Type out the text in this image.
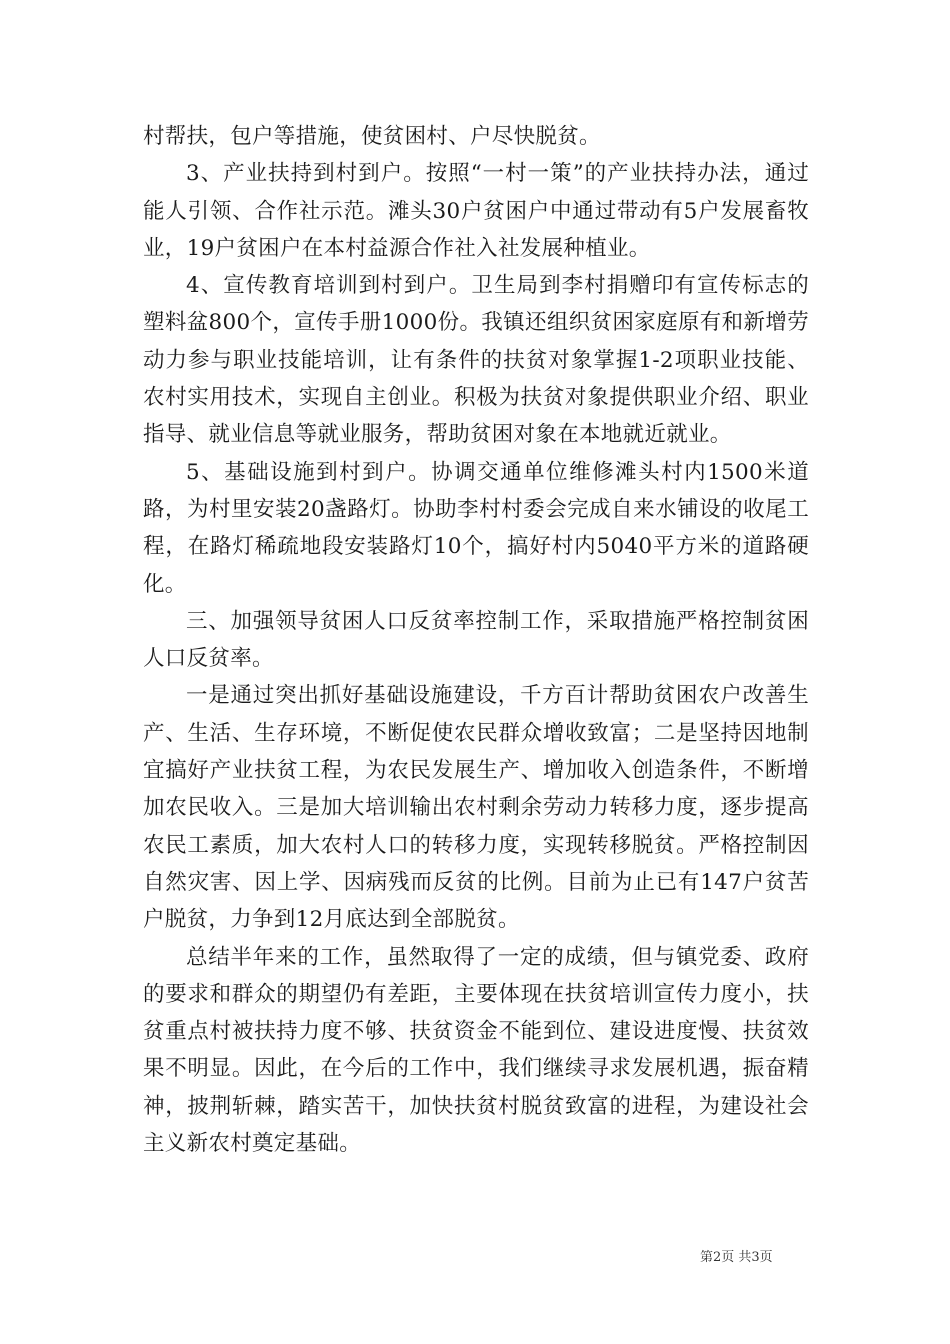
村帮扶，包户等措施，使贫困村、户尽快脱贫。

3、产业扶持到村到户。按照“一村一策”的产业扶持办法，通过能人引领、合作社示范。滩头30户贫困户中通过带动有5户发展畜牧业，19户贫困户在本村益源合作社入社发展种植业。

4、宣传教育培训到村到户。卫生局到李村捐赠印有宣传标志的塑料盆800个，宣传手册1000份。我镇还组织贫困家庭原有和新增劳动力参与职业技能培训，让有条件的扶贫对象掌握1-2项职业技能、农村实用技术，实现自主创业。积极为扶贫对象提供职业介绍、职业指导、就业信息等就业服务，帮助贫困对象在本地就近就业。

5、基础设施到村到户。协调交通单位维修滩头村内1500米道路，为村里安装20盏路灯。协助李村村委会完成自来水铺设的收尾工程，在路灯稀疏地段安装路灯10个，搞好村内5040平方米的道路硬化。

三、加强领导贫困人口反贫率控制工作，采取措施严格控制贫困人口反贫率。

一是通过突出抓好基础设施建设，千方百计帮助贫困农户改善生产、生活、生存环境，不断促使农民群众增收致富；二是坚持因地制宜搞好产业扶贫工程，为农民发展生产、增加收入创造条件，不断增加农民收入。三是加大培训输出农村剩余劳动力转移力度，逐步提高农民工素质，加大农村人口的转移力度，实现转移脱贫。严格控制因自然灾害、因上学、因病残而反贫的比例。目前为止已有147户贫苦户脱贫，力争到12月底达到全部脱贫。

总结半年来的工作，虽然取得了一定的成绩，但与镇党委、政府的要求和群众的期望仍有差距，主要体现在扶贫培训宣传力度小，扶贫重点村被扶持力度不够、扶贫资金不能到位、建设进度慢、扶贫效果不明显。因此，在今后的工作中，我们继续寻求发展机遇，振奋精神，披荆斩棘，踏实苦干，加快扶贫村脱贫致富的进程，为建设社会主义新农村奠定基础。

第2页 共3页
